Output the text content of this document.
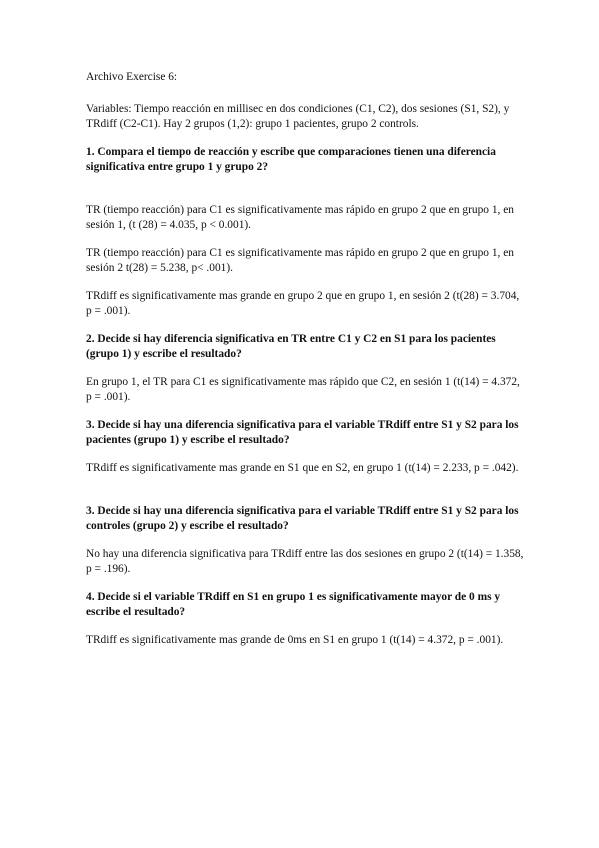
Archivo Exercise 6:

Variables: Tiempo reacción en millisec en dos condiciones (C1, C2), dos sesiones (S1, S2), y TRdiff (C2-C1). Hay 2 grupos (1,2): grupo 1 pacientes, grupo 2 controls.

1. Compara el tiempo de reacción y escribe que comparaciones tienen una diferencia significativa entre grupo 1 y grupo 2?

TR (tiempo reacción) para C1 es significativamente mas rápido en grupo 2 que en grupo 1, en sesión 1, (t (28) = 4.035, p < 0.001).

TR (tiempo reacción) para C1 es significativamente mas rápido en grupo 2 que en grupo 1, en sesión 2 t(28) = 5.238, p< .001).

TRdiff es significativamente mas grande en grupo 2 que en grupo 1, en sesión 2 (t(28) = 3.704, p = .001).

2. Decide si hay diferencia significativa en TR entre C1 y C2 en S1 para los pacientes (grupo 1) y escribe el resultado?

En grupo 1, el TR para C1 es significativamente mas rápido que C2, en sesión 1 (t(14) = 4.372, p = .001).

3. Decide si hay una diferencia significativa para el variable TRdiff entre S1 y S2 para los pacientes (grupo 1) y escribe el resultado?

TRdiff es significativamente mas grande en S1 que en S2, en grupo 1 (t(14) = 2.233, p = .042).

3. Decide si hay una diferencia significativa para el variable TRdiff entre S1 y S2 para los controles (grupo 2) y escribe el resultado?

No hay una diferencia significativa para TRdiff entre las dos sesiones en grupo 2 (t(14) = 1.358, p = .196).

4. Decide si el variable TRdiff en S1 en grupo 1 es significativamente mayor de 0 ms y escribe el resultado?

TRdiff es significativamente mas grande de 0ms en S1 en grupo 1 (t(14) = 4.372, p = .001).
